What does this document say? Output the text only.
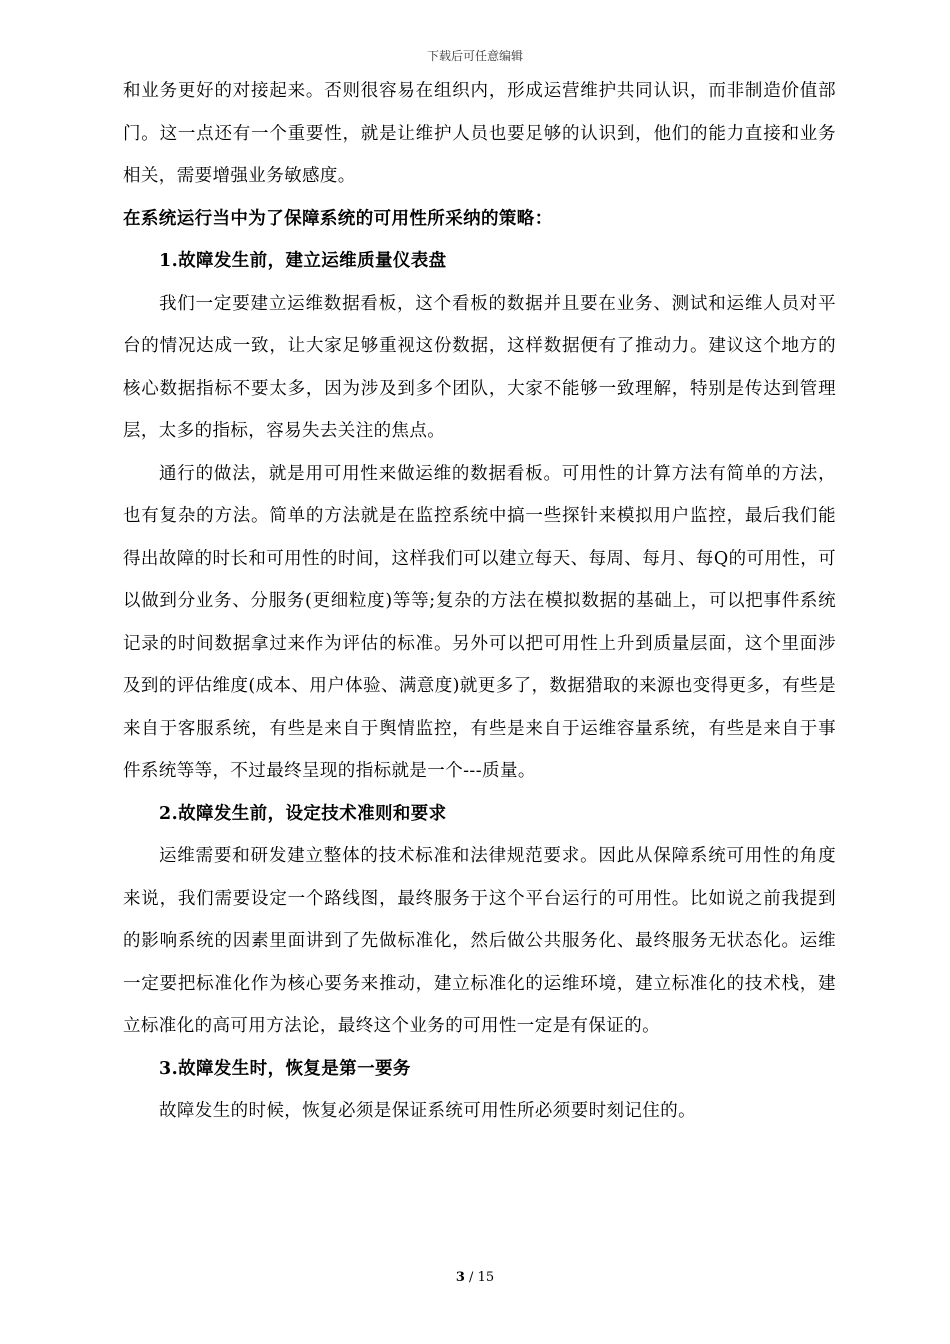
下载后可任意编辑

和业务更好的对接起来。否则很容易在组织内，形成运营维护共同认识，而非制造价值部门。这一点还有一个重要性，就是让维护人员也要足够的认识到，他们的能力直接和业务相关，需要增强业务敏感度。

在系统运行当中为了保障系统的可用性所采纳的策略：

1.故障发生前，建立运维质量仪表盘

我们一定要建立运维数据看板，这个看板的数据并且要在业务、测试和运维人员对平台的情况达成一致，让大家足够重视这份数据，这样数据便有了推动力。建议这个地方的核心数据指标不要太多，因为涉及到多个团队，大家不能够一致理解，特别是传达到管理层，太多的指标，容易失去关注的焦点。

通行的做法，就是用可用性来做运维的数据看板。可用性的计算方法有简单的方法，也有复杂的方法。简单的方法就是在监控系统中搞一些探针来模拟用户监控，最后我们能得出故障的时长和可用性的时间，这样我们可以建立每天、每周、每月、每Q的可用性，可以做到分业务、分服务(更细粒度)等等;复杂的方法在模拟数据的基础上，可以把事件系统记录的时间数据拿过来作为评估的标准。另外可以把可用性上升到质量层面，这个里面涉及到的评估维度(成本、用户体验、满意度)就更多了，数据猎取的来源也变得更多，有些是来自于客服系统，有些是来自于舆情监控，有些是来自于运维容量系统，有些是来自于事件系统等等，不过最终呈现的指标就是一个---质量。

2.故障发生前，设定技术准则和要求

运维需要和研发建立整体的技术标准和法律规范要求。因此从保障系统可用性的角度来说，我们需要设定一个路线图，最终服务于这个平台运行的可用性。比如说之前我提到的影响系统的因素里面讲到了先做标准化，然后做公共服务化、最终服务无状态化。运维一定要把标准化作为核心要务来推动，建立标准化的运维环境，建立标准化的技术栈，建立标准化的高可用方法论，最终这个业务的可用性一定是有保证的。

3.故障发生时，恢复是第一要务

故障发生的时候，恢复必须是保证系统可用性所必须要时刻记住的。

3 / 15
